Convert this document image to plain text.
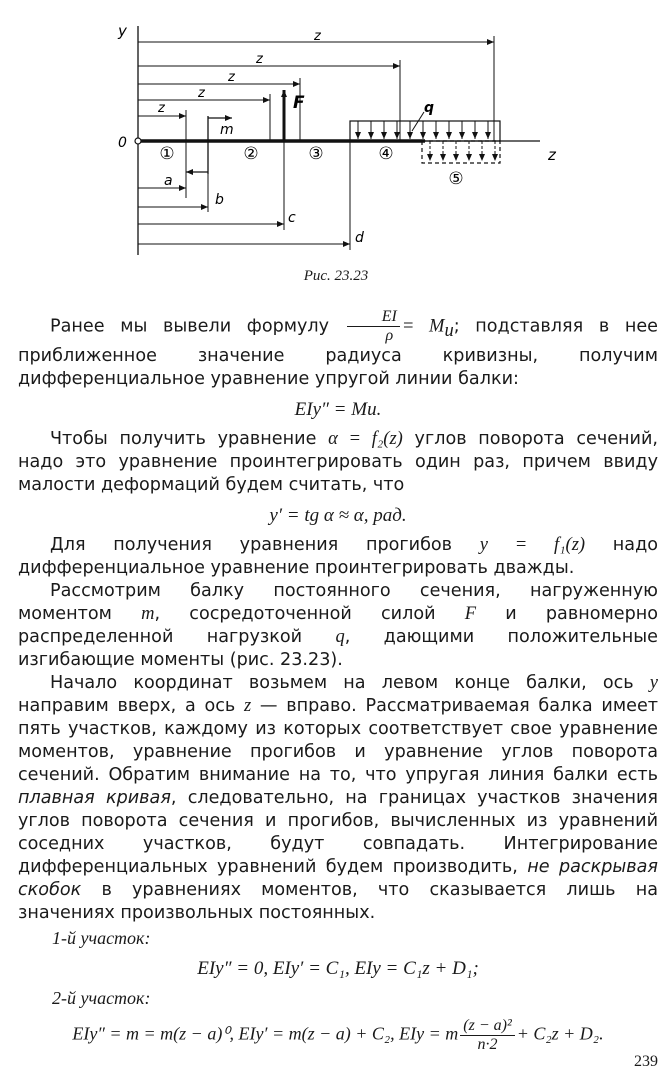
y
0
z
z
z
z
z
z
m
F	q
①	②	③	④
⑤
a
b
c
d
Рис. 23.23

Ранее мы вывели формулу $\frac{EI}{\rho} = M_и$; подставляя в нее приближенное значение радиуса кривизны, получим дифференциальное уравнение упругой линии балки:

EIy″ = Mи.

Чтобы получить уравнение α = f₂(z) углов поворота сечений, надо это уравнение проинтегрировать один раз, причем ввиду малости деформаций будем считать, что

y′ = tg α ≈ α, рад.

Для получения уравнения прогибов y = f₁(z) надо дифференциальное уравнение проинтегрировать дважды.

Рассмотрим балку постоянного сечения, нагруженную моментом m, сосредоточенной силой F и равномерно распределенной нагрузкой q, дающими положительные изгибающие моменты (рис. 23.23).

Начало координат возьмем на левом конце балки, ось y направим вверх, а ось z — вправо. Рассматриваемая балка имеет пять участков, каждому из которых соответствует свое уравнение моментов, уравнение прогибов и уравнение углов поворота сечений. Обратим внимание на то, что упругая линия балки есть плавная кривая, следовательно, на границах участков значения углов поворота сечения и прогибов, вычисленных из уравнений соседних участков, будут совпадать. Интегрирование дифференциальных уравнений будем производить, не раскрывая скобок в уравнениях моментов, что сказывается лишь на значениях произвольных постоянных.

1-й участок:
EIy″ = 0, EIy′ = C₁, EIy = C₁z + D₁;
2-й участок:
EIy″ = m = m(z − a)⁰, EIy′ = m(z − a) + C₂, EIy = m $\frac{\text{(z − a)²}}{п\cdot 2} + C_2z + D_2$.
239
